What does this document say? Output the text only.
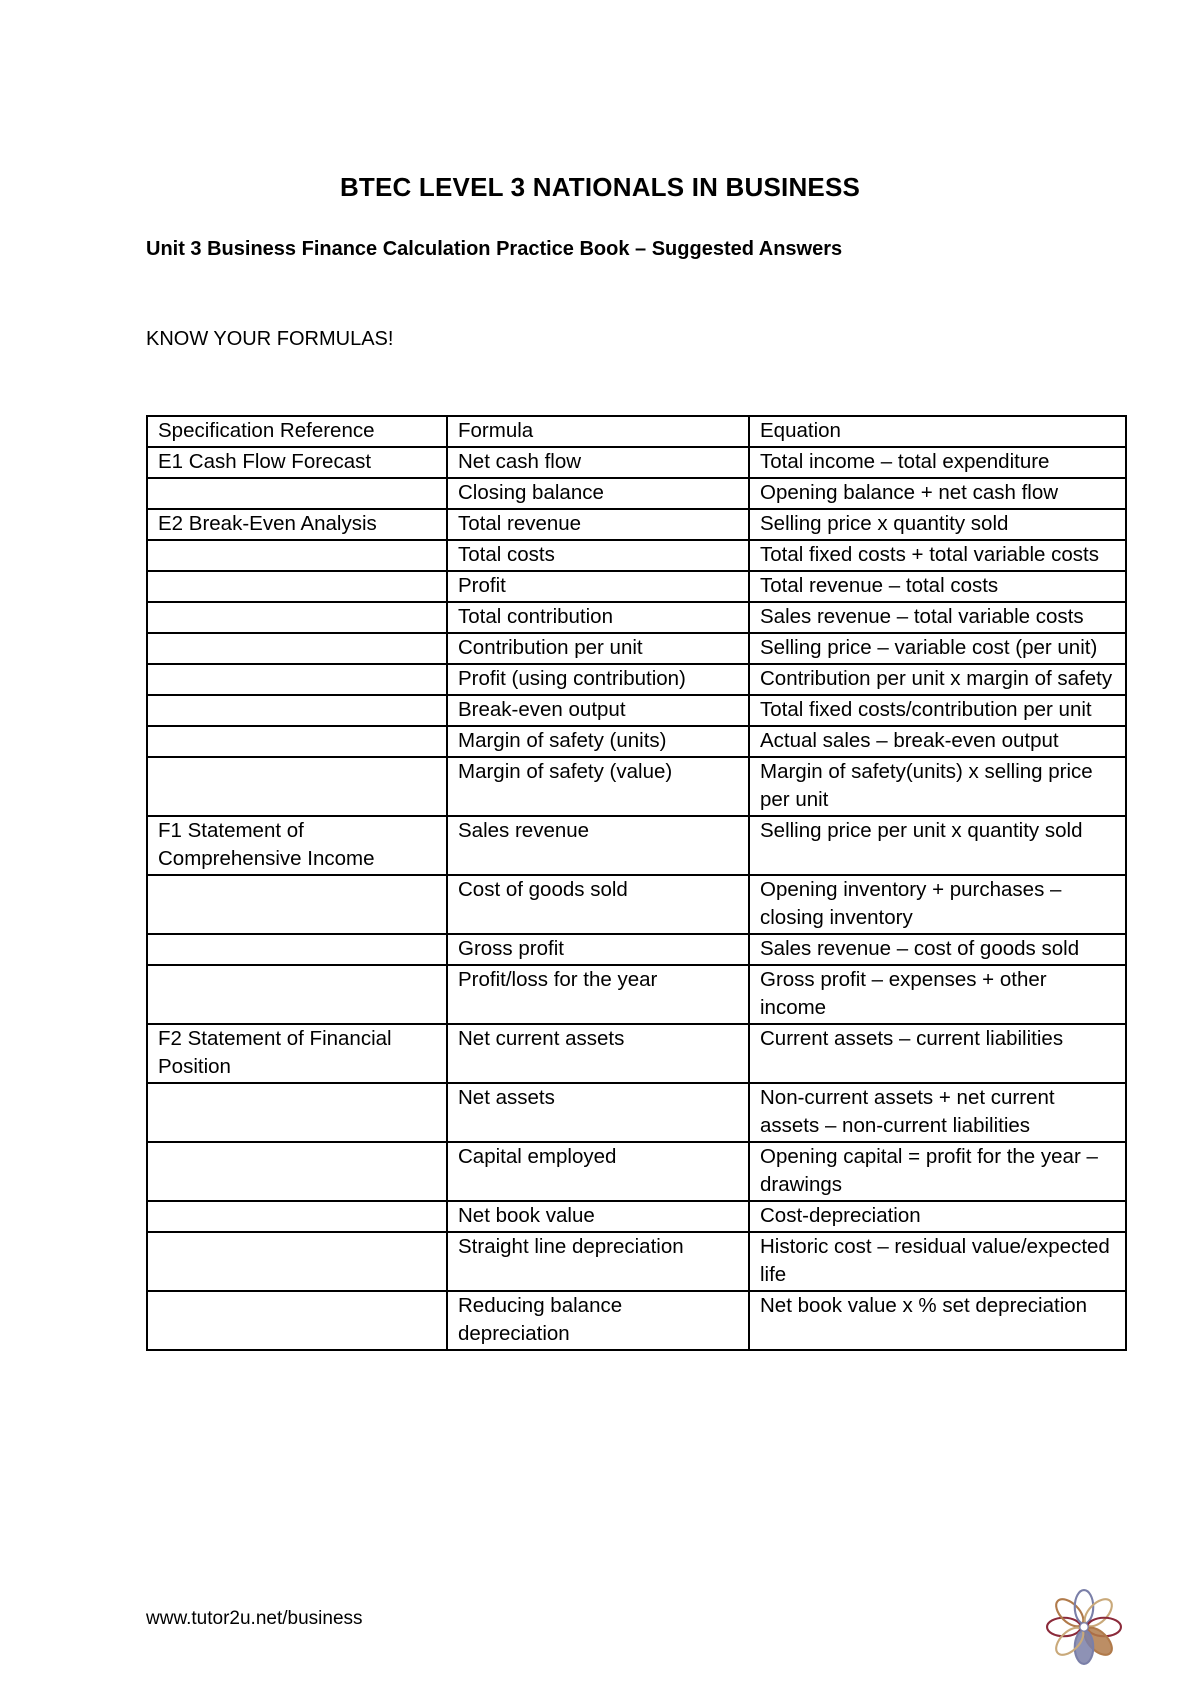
BTEC LEVEL 3 NATIONALS IN BUSINESS
Unit 3 Business Finance Calculation Practice Book – Suggested Answers
KNOW YOUR FORMULAS!
Specification Reference	Formula	Equation
E1 Cash Flow Forecast	Net cash flow	Total income – total expenditure
	Closing balance	Opening balance + net cash flow
E2 Break-Even Analysis	Total revenue	Selling price x quantity sold
	Total costs	Total fixed costs + total variable costs
	Profit	Total revenue – total costs
	Total contribution	Sales revenue – total variable costs
	Contribution per unit	Selling price – variable cost (per unit)
	Profit (using contribution)	Contribution per unit x margin of safety
	Break-even output	Total fixed costs/contribution per unit
	Margin of safety (units)	Actual sales – break-even output
	Margin of safety (value)	Margin of safety(units) x selling price per unit
F1 Statement of Comprehensive Income	Sales revenue	Selling price per unit x quantity sold
	Cost of goods sold	Opening inventory + purchases – closing inventory
	Gross profit	Sales revenue – cost of goods sold
	Profit/loss for the year	Gross profit – expenses + other income
F2 Statement of Financial Position	Net current assets	Current assets – current liabilities
	Net assets	Non-current assets + net current assets – non-current liabilities
	Capital employed	Opening capital = profit for the year – drawings
	Net book value	Cost-depreciation
	Straight line depreciation	Historic cost – residual value/expected life
	Reducing balance depreciation	Net book value x % set depreciation
www.tutor2u.net/business
